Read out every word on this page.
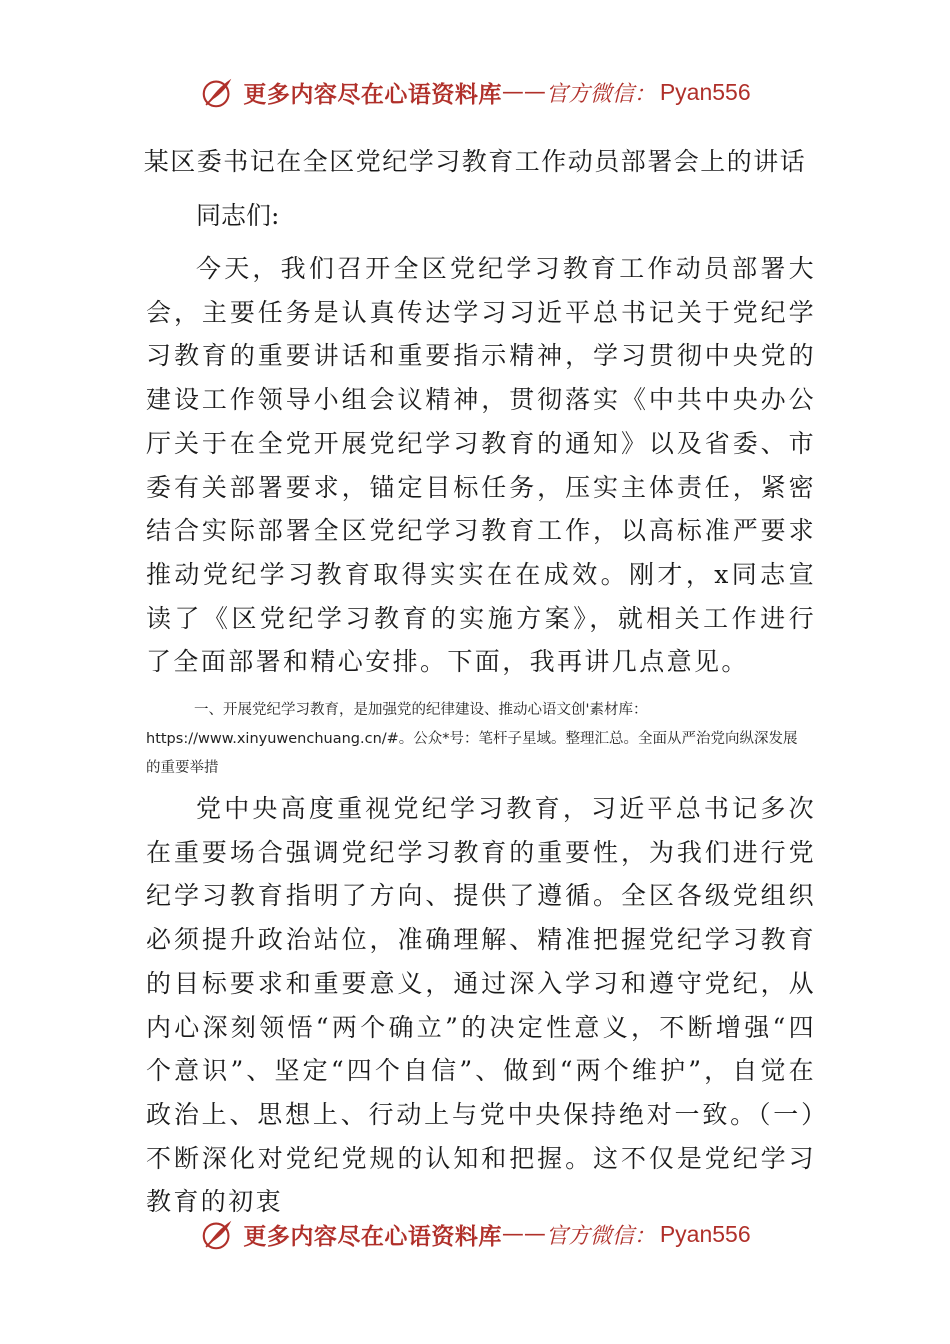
更多内容尽在心语资料库 —— 官方微信： Pyan556
某区委书记在全区党纪学习教育工作动员部署会上的讲话

同志们:

今天，我们召开全区党纪学习教育工作动员部署大会，主要任务是认真传达学习习近平总书记关于党纪学习教育的重要讲话和重要指示精神，学习贯彻中央党的建设工作领导小组会议精神，贯彻落实《中共中央办公厅关于在全党开展党纪学习教育的通知》以及省委、市委有关部署要求，锚定目标任务，压实主体责任，紧密结合实际部署全区党纪学习教育工作，以高标准严要求推动党纪学习教育取得实实在在成效。刚才，x同志宣读了《区党纪学习教育的实施方案》，就相关工作进行了全面部署和精心安排。下面，我再讲几点意见。

一、开展党纪学习教育，是加强党的纪律建设、推动心语文创'素材库：https://www.xinyuwenchuang.cn/#。公众*号：笔杆子星域。整理汇总。全面从严治党向纵深发展的重要举措

党中央高度重视党纪学习教育，习近平总书记多次在重要场合强调党纪学习教育的重要性，为我们进行党纪学习教育指明了方向、提供了遵循。全区各级党组织必须提升政治站位，准确理解、精准把握党纪学习教育的目标要求和重要意义，通过深入学习和遵守党纪，从内心深刻领悟“两个确立”的决定性意义，不断增强“四个意识”、坚定“四个自信”、做到“两个维护”，自觉在政治上、思想上、行动上与党中央保持绝对一致。（一）不断深化对党纪党规的认知和把握。这不仅是党纪学习教育的初衷

更多内容尽在心语资料库 —— 官方微信： Pyan556
